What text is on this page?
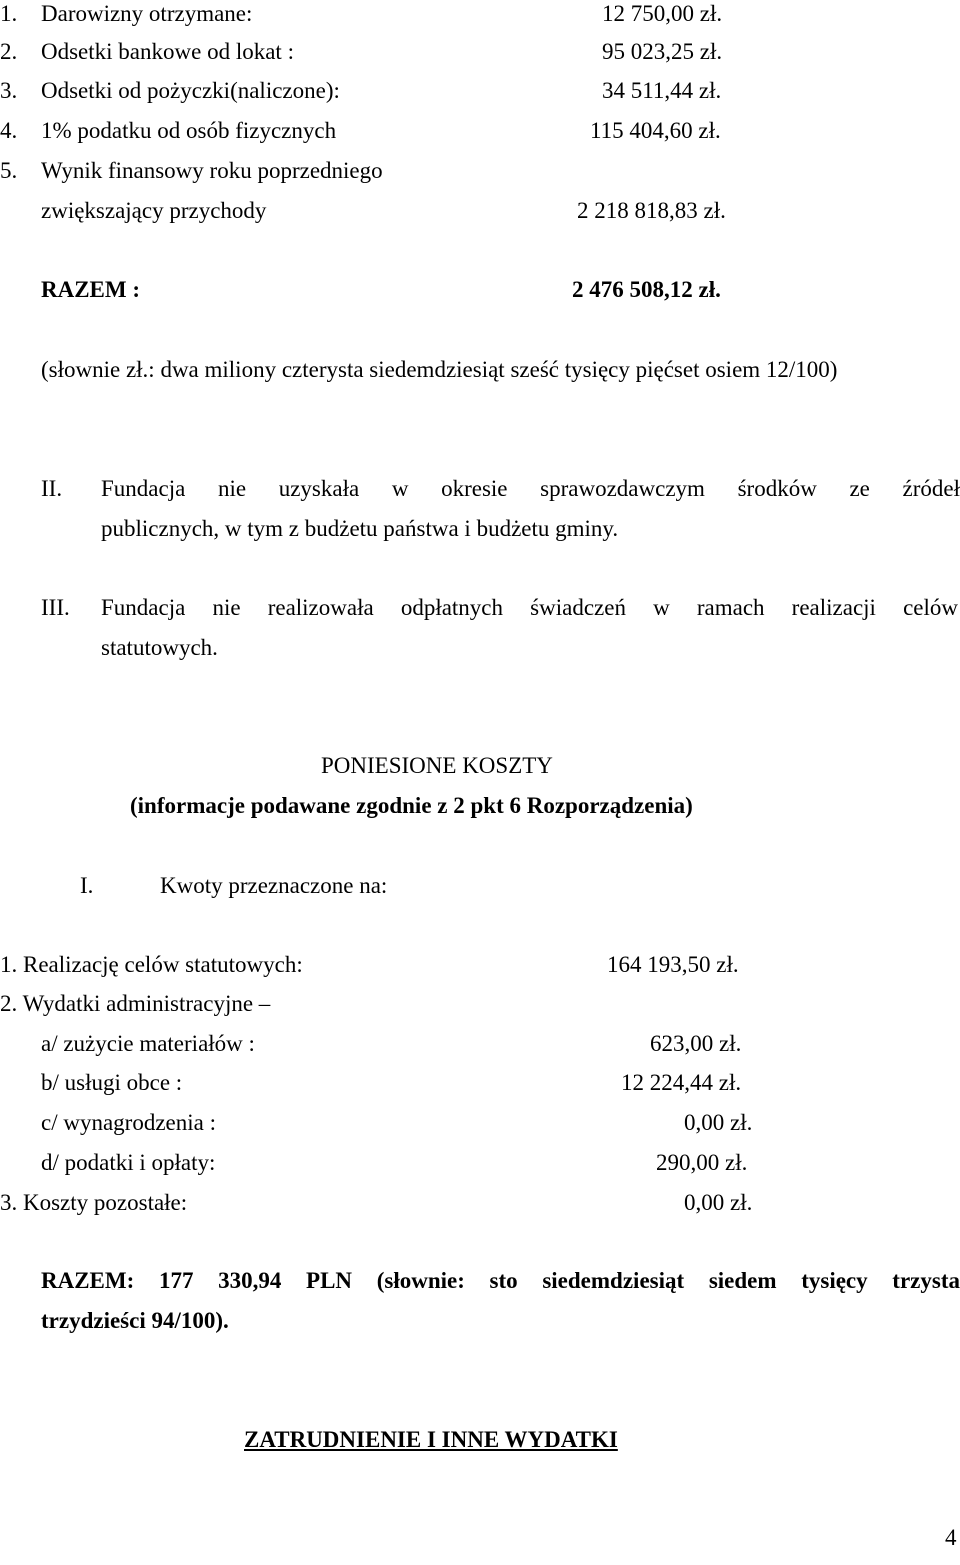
1. Darowizny otrzymane:	12 750,00 zł.
2. Odsetki bankowe od lokat :	95 023,25 zł.
3. Odsetki od pożyczki(naliczone):	34 511,44 zł.
4. 1% podatku od osób fizycznych	115 404,60 zł.
5. Wynik finansowy roku poprzedniego
zwiększający przychody	2 218 818,83 zł.
RAZEM :	2 476 508,12 zł.
(słownie zł.: dwa miliony czterysta siedemdziesiąt sześć tysięcy pięćset osiem 12/100)
II. Fundacja nie uzyskała w okresie sprawozdawczym środków ze źródeł
publicznych, w tym z budżetu państwa i budżetu gminy.
III. Fundacja nie realizowała odpłatnych świadczeń w ramach realizacji celów
statutowych.
PONIESIONE KOSZTY
(informacje podawane zgodnie z 2 pkt 6 Rozporządzenia)
I.	Kwoty przeznaczone na:
1. Realizację celów statutowych:	164 193,50 zł.
2. Wydatki administracyjne –
a/ zużycie materiałów :	623,00 zł.
b/ usługi obce :	12 224,44 zł.
c/ wynagrodzenia :	0,00 zł.
d/ podatki i opłaty:	290,00 zł.
3. Koszty pozostałe:	0,00 zł.
RAZEM: 177 330,94 PLN (słownie: sto siedemdziesiąt siedem tysięcy trzysta
trzydzieści 94/100).
ZATRUDNIENIE I INNE WYDATKI
4
